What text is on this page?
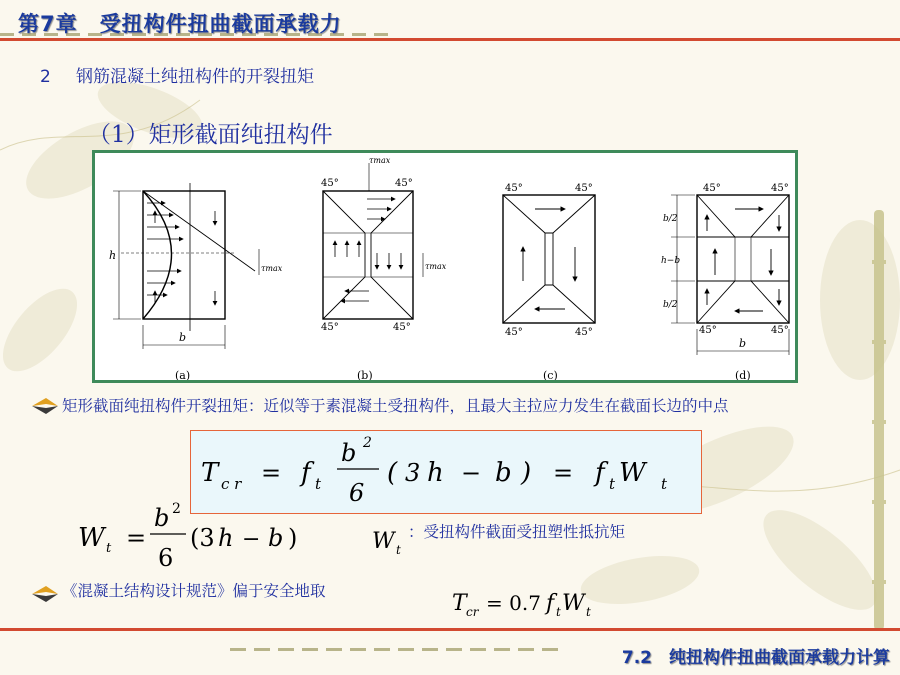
第7章　受扭构件扭曲截面承载力
2 钢筋混凝土纯扭构件的开裂扭矩
（1）矩形截面纯扭构件
h
b
τmax
45°	45°
45°	45°
τmax
τmax
45°	45°
45°	45°
45°	45°
45°	45°
b/2
h−b
b/2
b
(a)	(b)	(c)	(d)
矩形截面纯扭构件开裂扭矩：近似等于素混凝土受扭构件，且最大主拉应力发生在截面长边的中点
T c r = f t
b 2
6
( 3 h − b ) = f t W t
W t =
b 2
6
(3 h − b )	W t
：受扭构件截面受扭塑性抵抗矩
《混凝土结构设计规范》偏于安全地取	T cr = 0.7 f t W t
7.2　纯扭构件扭曲截面承载力计算
